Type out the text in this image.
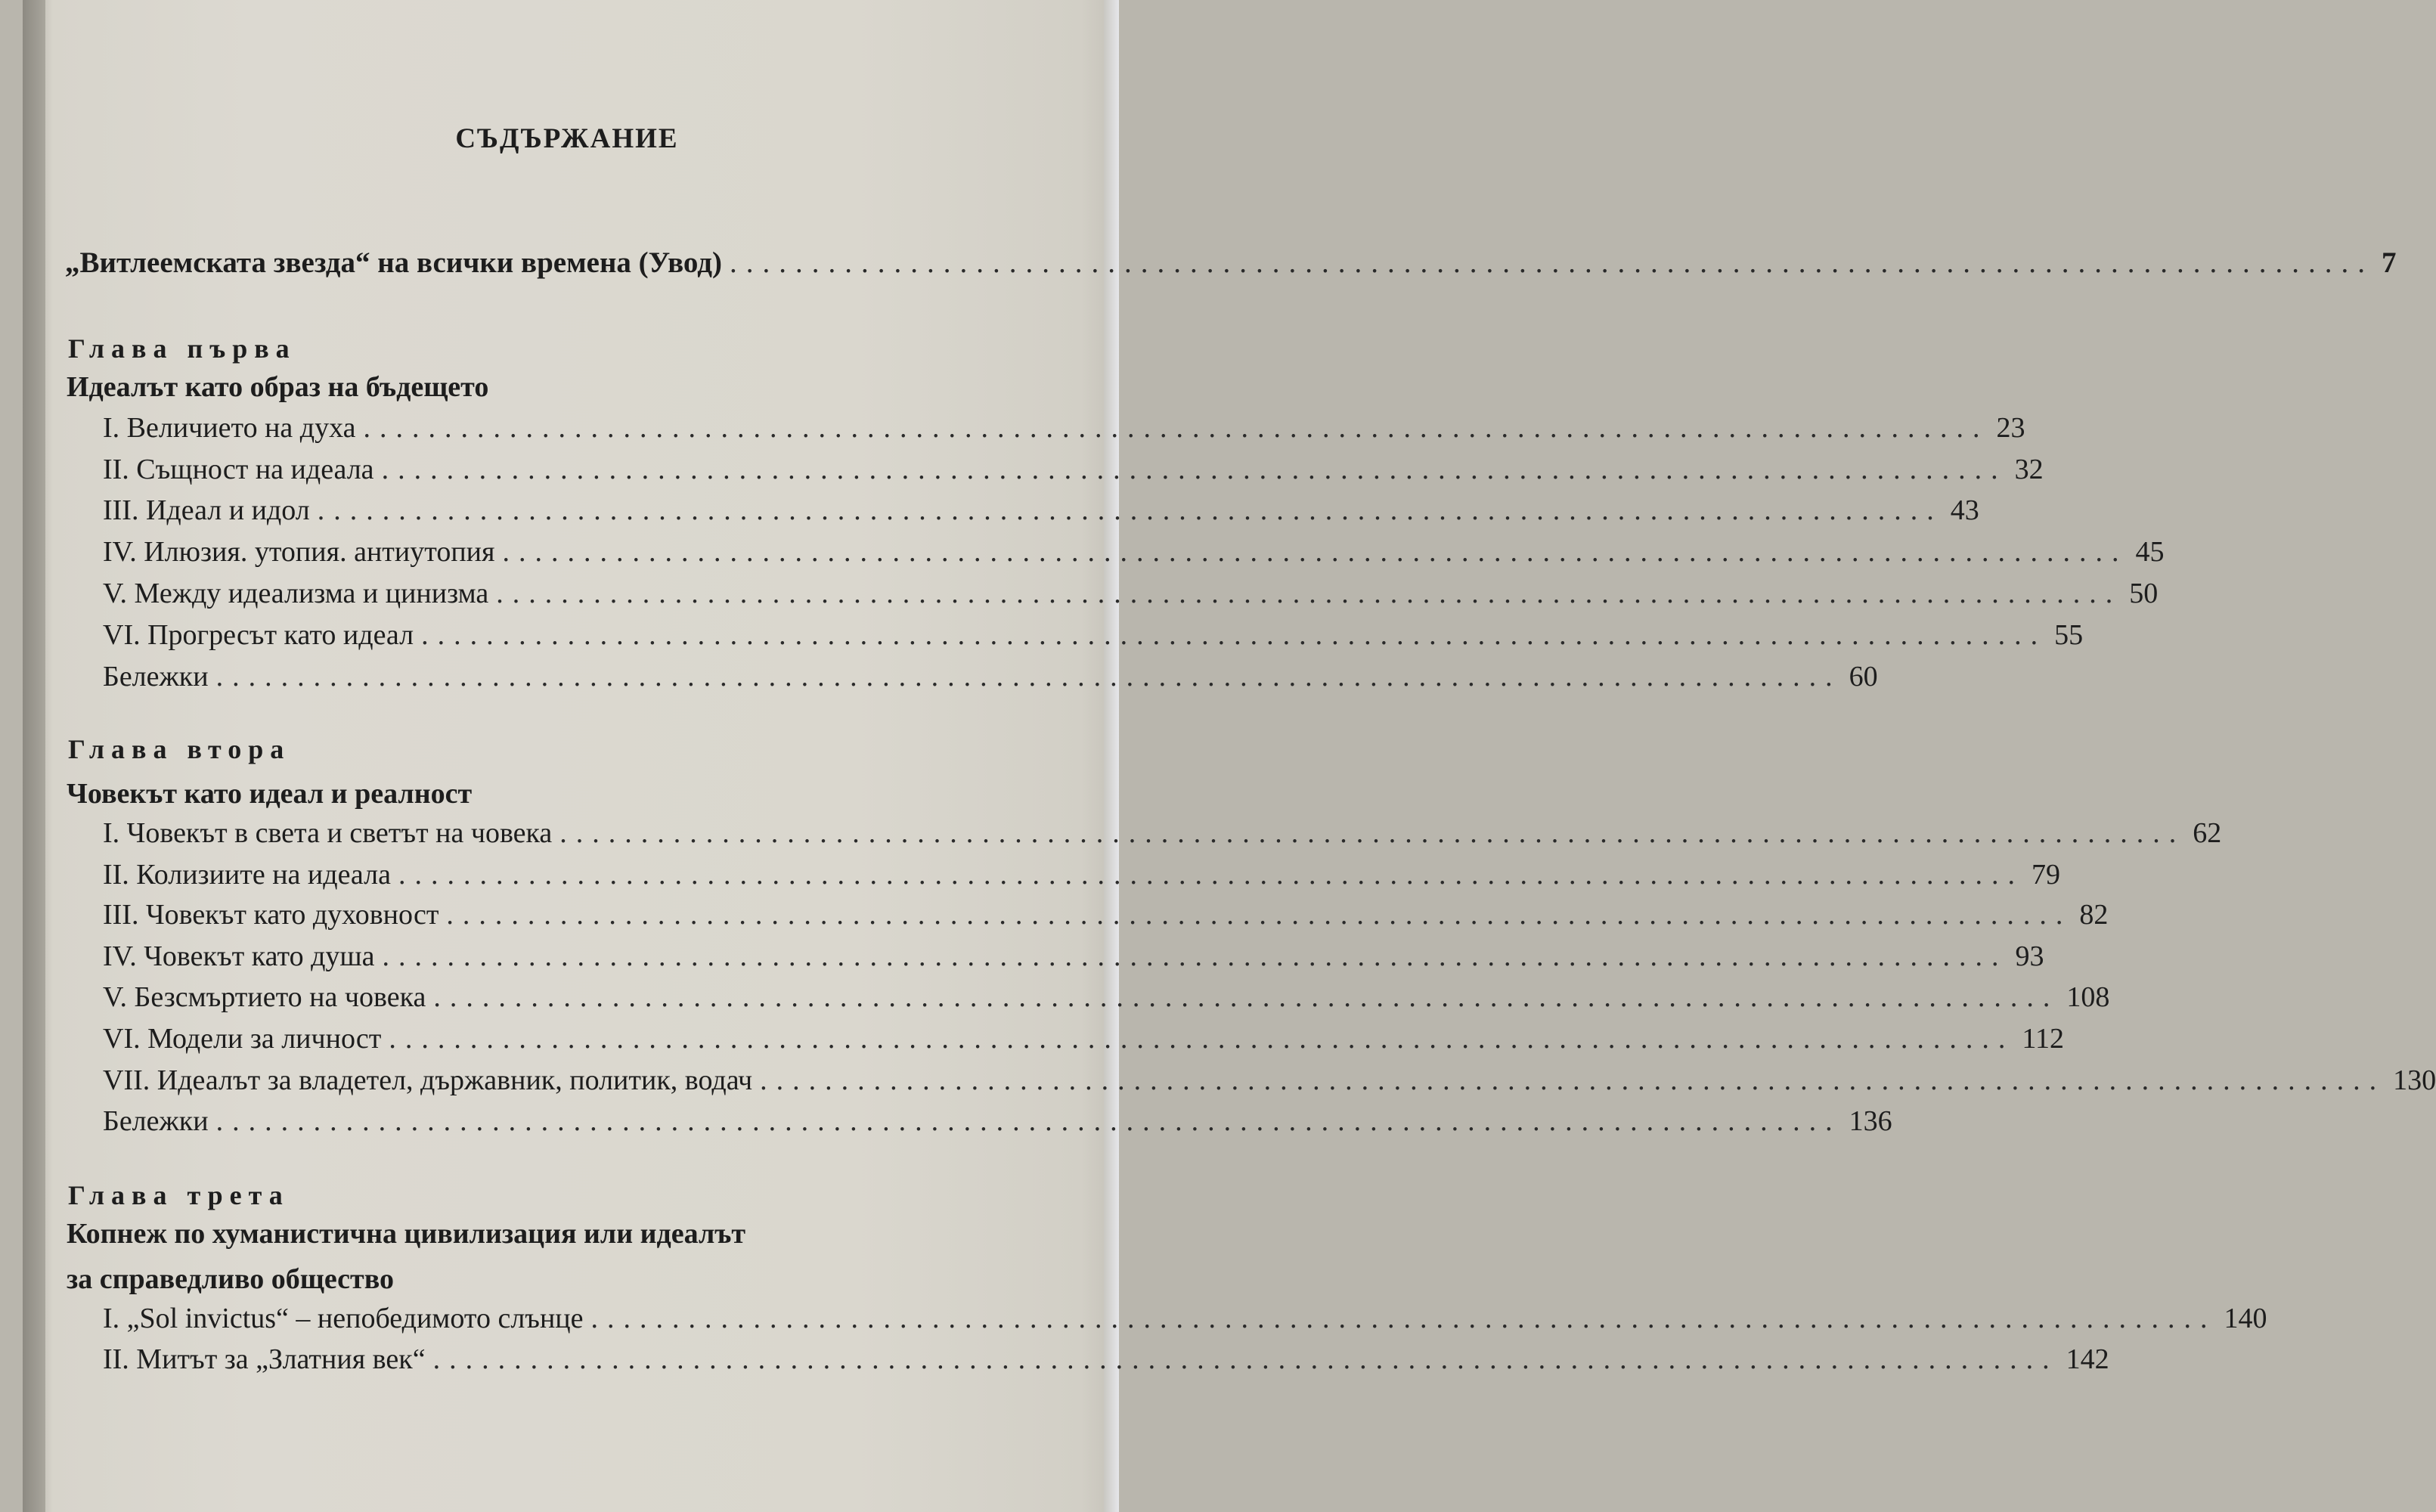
СЪДЪРЖАНИЕ
„Витлеемската звезда“ на всички времена (Увод) .................................................................................................... 7
Глава първа
Идеалът като образ на бъдещето
I. Величието на духа .................................................................................................... 23
II. Същност на идеала .................................................................................................... 32
III. Идеал и идол .................................................................................................... 43
IV. Илюзия. утопия. антиутопия .................................................................................................... 45
V. Между идеализма и цинизма .................................................................................................... 50
VI. Прогресът като идеал .................................................................................................... 55
Бележки .................................................................................................... 60
Глава втора
Човекът като идеал и реалност
I. Човекът в света и светът на човека .................................................................................................... 62
II. Колизиите на идеала .................................................................................................... 79
III. Човекът като духовност .................................................................................................... 82
IV. Човекът като душа .................................................................................................... 93
V. Безсмъртието на човека .................................................................................................... 108
VI. Модели за личност .................................................................................................... 112
VII. Идеалът за владетел, държавник, политик, водач .................................................................................................... 130
Бележки .................................................................................................... 136
Глава трета
Копнеж по хуманистична цивилизация или идеалът
за справедливо общество
I. „Sol invictus“ – непобедимото слънце .................................................................................................... 140
II. Митът за „Златния век“ .................................................................................................... 142
